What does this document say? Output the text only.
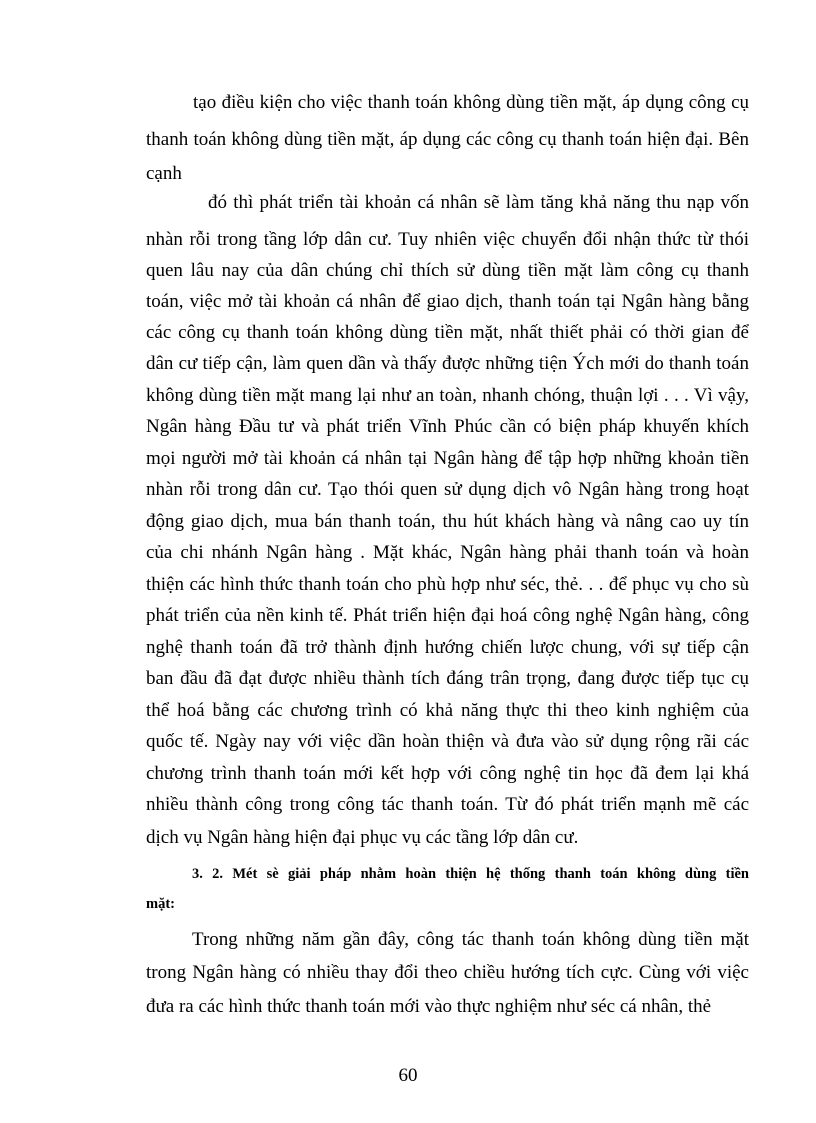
tạo điều kiện cho việc thanh toán không dùng tiền mặt, áp dụng công cụ
thanh toán không dùng tiền mặt, áp dụng các công cụ thanh toán hiện đại. Bên
cạnh
đó thì phát triển tài khoản cá nhân sẽ làm tăng khả năng thu nạp vốn
nhàn rỗi trong tầng lớp dân cư. Tuy nhiên việc chuyển đổi nhận thức từ thói
quen lâu nay của dân chúng chỉ thích sử dùng tiền mặt làm công cụ thanh
toán, việc mở tài khoản cá nhân để giao dịch, thanh toán tại Ngân hàng bằng
các công cụ thanh toán không dùng tiền mặt, nhất thiết phải có thời gian để
dân cư tiếp cận, làm quen dần và thấy được những tiện Ých mới do thanh toán
không dùng tiền mặt mang lại như an toàn, nhanh chóng, thuận lợi . . . Vì vậy,
Ngân hàng Đầu tư và phát triển Vĩnh Phúc cần có biện pháp khuyến khích
mọi người mở tài khoản cá nhân tại Ngân hàng để tập hợp những khoản tiền
nhàn rỗi trong dân cư. Tạo thói quen sử dụng dịch vô Ngân hàng trong hoạt
động giao dịch, mua bán thanh toán, thu hút khách hàng và nâng cao uy tín
của chi nhánh Ngân hàng . Mặt khác, Ngân hàng phải thanh toán và hoàn
thiện các hình thức thanh toán cho phù hợp như séc, thẻ. . . để phục vụ cho sù
phát triển của nền kinh tế. Phát triển hiện đại hoá công nghệ Ngân hàng, công
nghệ thanh toán đã trở thành định hướng chiến lược chung, với sự tiếp cận
ban đầu đã đạt được nhiều thành tích đáng trân trọng, đang được tiếp tục cụ
thể hoá bằng các chương trình có khả năng thực thi theo kinh nghiệm của
quốc tế. Ngày nay với việc dần hoàn thiện và đưa vào sử dụng rộng rãi các
chương trình thanh toán mới kết hợp với công nghệ tin học đã đem lại khá
nhiều thành công trong công tác thanh toán. Từ đó phát triển mạnh mẽ các
dịch vụ Ngân hàng hiện đại phục vụ các tầng lớp dân cư.
3. 2. Mét sè giải pháp nhằm hoàn thiện hệ thống thanh toán không dùng tiền
mặt:
Trong những năm gần đây, công tác thanh toán không dùng tiền mặt
trong Ngân hàng có nhiều thay đổi theo chiều hướng tích cực. Cùng với việc
đưa ra các hình thức thanh toán mới vào thực nghiệm như séc cá nhân, thẻ
60
